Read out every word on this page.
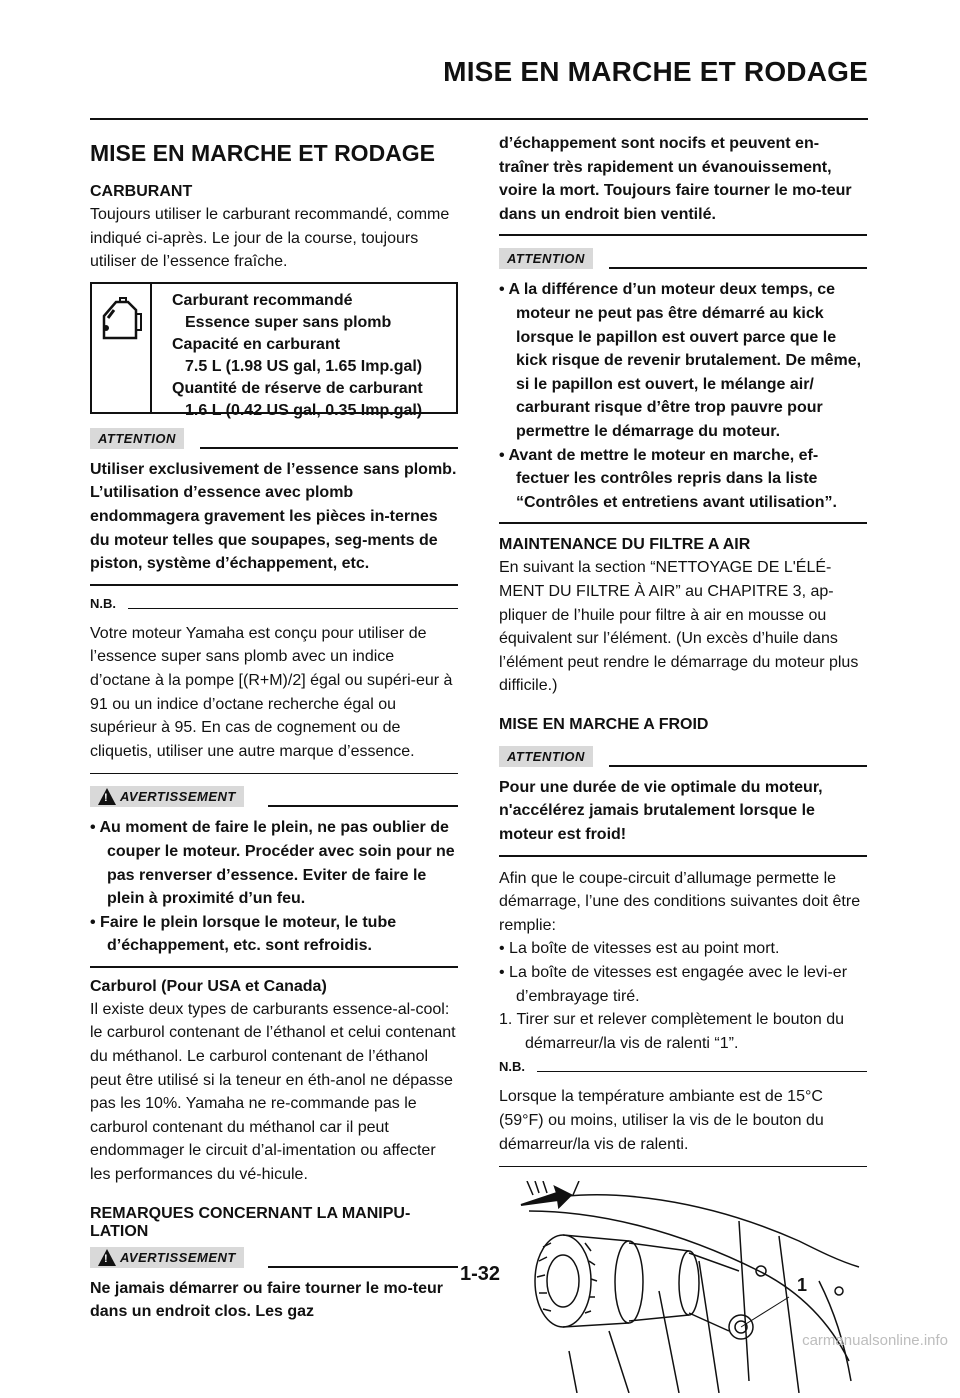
MISE EN MARCHE ET RODAGE
MISE EN MARCHE ET RODAGE
CARBURANT

Toujours utiliser le carburant recommandé, comme indiqué ci-après. Le jour de la course, toujours utiliser de l’essence fraîche.

Carburant recommandé
Essence super sans plomb
Capacité en carburant
7.5 L (1.98 US gal, 1.65 Imp.gal)
Quantité de réserve de carburant
1.6 L (0.42 US gal, 0.35 Imp.gal)
ATTENTION

Utiliser exclusivement de l’essence sans plomb. L’utilisation d’essence avec plomb endommagera gravement les pièces in-ternes du moteur telles que soupapes, seg-ments de piston, système d’échappement, etc.

N.B.

Votre moteur Yamaha est conçu pour utiliser de l’essence super sans plomb avec un indice d’octane à la pompe [(R+M)/2] égal ou supéri-eur à 91 ou un indice d’octane recherche égal ou supérieur à 95. En cas de cognement ou de cliquetis, utiliser une autre marque d’essence.

! AVERTISSEMENT

• Au moment de faire le plein, ne pas oublier de couper le moteur. Procéder avec soin pour ne pas renverser d’essence. Eviter de faire le plein à proximité d’un feu.

• Faire le plein lorsque le moteur, le tube d’échappement, etc. sont refroidis.

Carburol (Pour USA et Canada)

Il existe deux types de carburants essence-al-cool: le carburol contenant de l’éthanol et celui contenant du méthanol. Le carburol contenant de l’éthanol peut être utilisé si la teneur en éth-anol ne dépasse pas les 10%. Yamaha ne re-commande pas le carburol contenant du méthanol car il peut endommager le circuit d’al-imentation ou affecter les performances du vé-hicule.

REMARQUES CONCERNANT LA MANIPU-LATION
! AVERTISSEMENT

Ne jamais démarrer ou faire tourner le mo-teur dans un endroit clos. Les gaz

d’échappement sont nocifs et peuvent en-traîner très rapidement un évanouissement, voire la mort. Toujours faire tourner le mo-teur dans un endroit bien ventilé.

ATTENTION

• A la différence d’un moteur deux temps, ce moteur ne peut pas être démarré au kick lorsque le papillon est ouvert parce que le kick risque de revenir brutalement. De même, si le papillon est ouvert, le mélange air/ carburant risque d’être trop pauvre pour permettre le démarrage du moteur.

• Avant de mettre le moteur en marche, ef-fectuer les contrôles repris dans la liste “Contrôles et entretiens avant utilisation”.

MAINTENANCE DU FILTRE A AIR

En suivant la section “NETTOYAGE DE L'ÉLÉ-MENT DU FILTRE À AIR” au CHAPITRE 3, ap-pliquer de l’huile pour filtre à air en mousse ou équivalent sur l’élément. (Un excès d’huile dans l’élément peut rendre le démarrage du moteur plus difficile.)

MISE EN MARCHE A FROID
ATTENTION

Pour une durée de vie optimale du moteur, n'accélérez jamais brutalement lorsque le moteur est froid!

Afin que le coupe-circuit d’allumage permette le démarrage, l’une des conditions suivantes doit être remplie:

• La boîte de vitesses est au point mort.

• La boîte de vitesses est engagée avec le levi-er d’embrayage tiré.

1. Tirer sur et relever complètement le bouton du démarreur/la vis de ralenti “1”.

N.B.

Lorsque la température ambiante est de 15°C (59°F) ou moins, utiliser la vis de le bouton du démarreur/la vis de ralenti.

1
1-32
carmanualsonline.info
